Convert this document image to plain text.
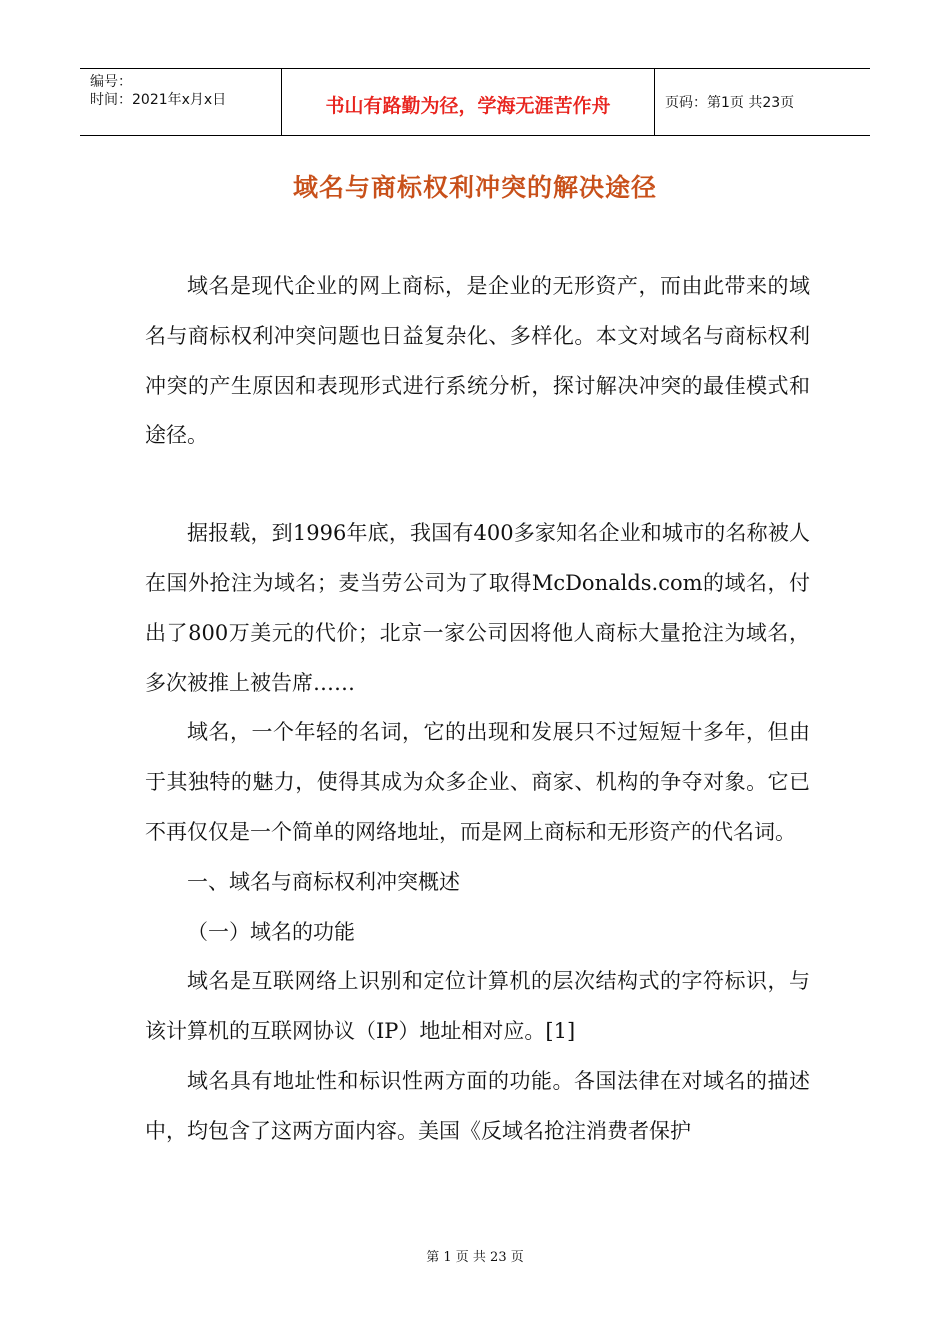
编号：
时间：2021年x月x日	书山有路勤为径，学海无涯苦作舟	页码：第1页 共23页
域名与商标权利冲突的解决途径

域名是现代企业的网上商标，是企业的无形资产，而由此带来的域名与商标权利冲突问题也日益复杂化、多样化。本文对域名与商标权利冲突的产生原因和表现形式进行系统分析，探讨解决冲突的最佳模式和途径。

据报载，到1996年底，我国有400多家知名企业和城市的名称被人在国外抢注为域名；麦当劳公司为了取得McDonalds.com的域名，付出了800万美元的代价；北京一家公司因将他人商标大量抢注为域名，多次被推上被告席……

域名，一个年轻的名词，它的出现和发展只不过短短十多年，但由于其独特的魅力，使得其成为众多企业、商家、机构的争夺对象。它已不再仅仅是一个简单的网络地址，而是网上商标和无形资产的代名词。

一、域名与商标权利冲突概述

（一）域名的功能

域名是互联网络上识别和定位计算机的层次结构式的字符标识，与该计算机的互联网协议（IP）地址相对应。[1]

域名具有地址性和标识性两方面的功能。各国法律在对域名的描述中，均包含了这两方面内容。美国《反域名抢注消费者保护

第 1 页 共 23 页
